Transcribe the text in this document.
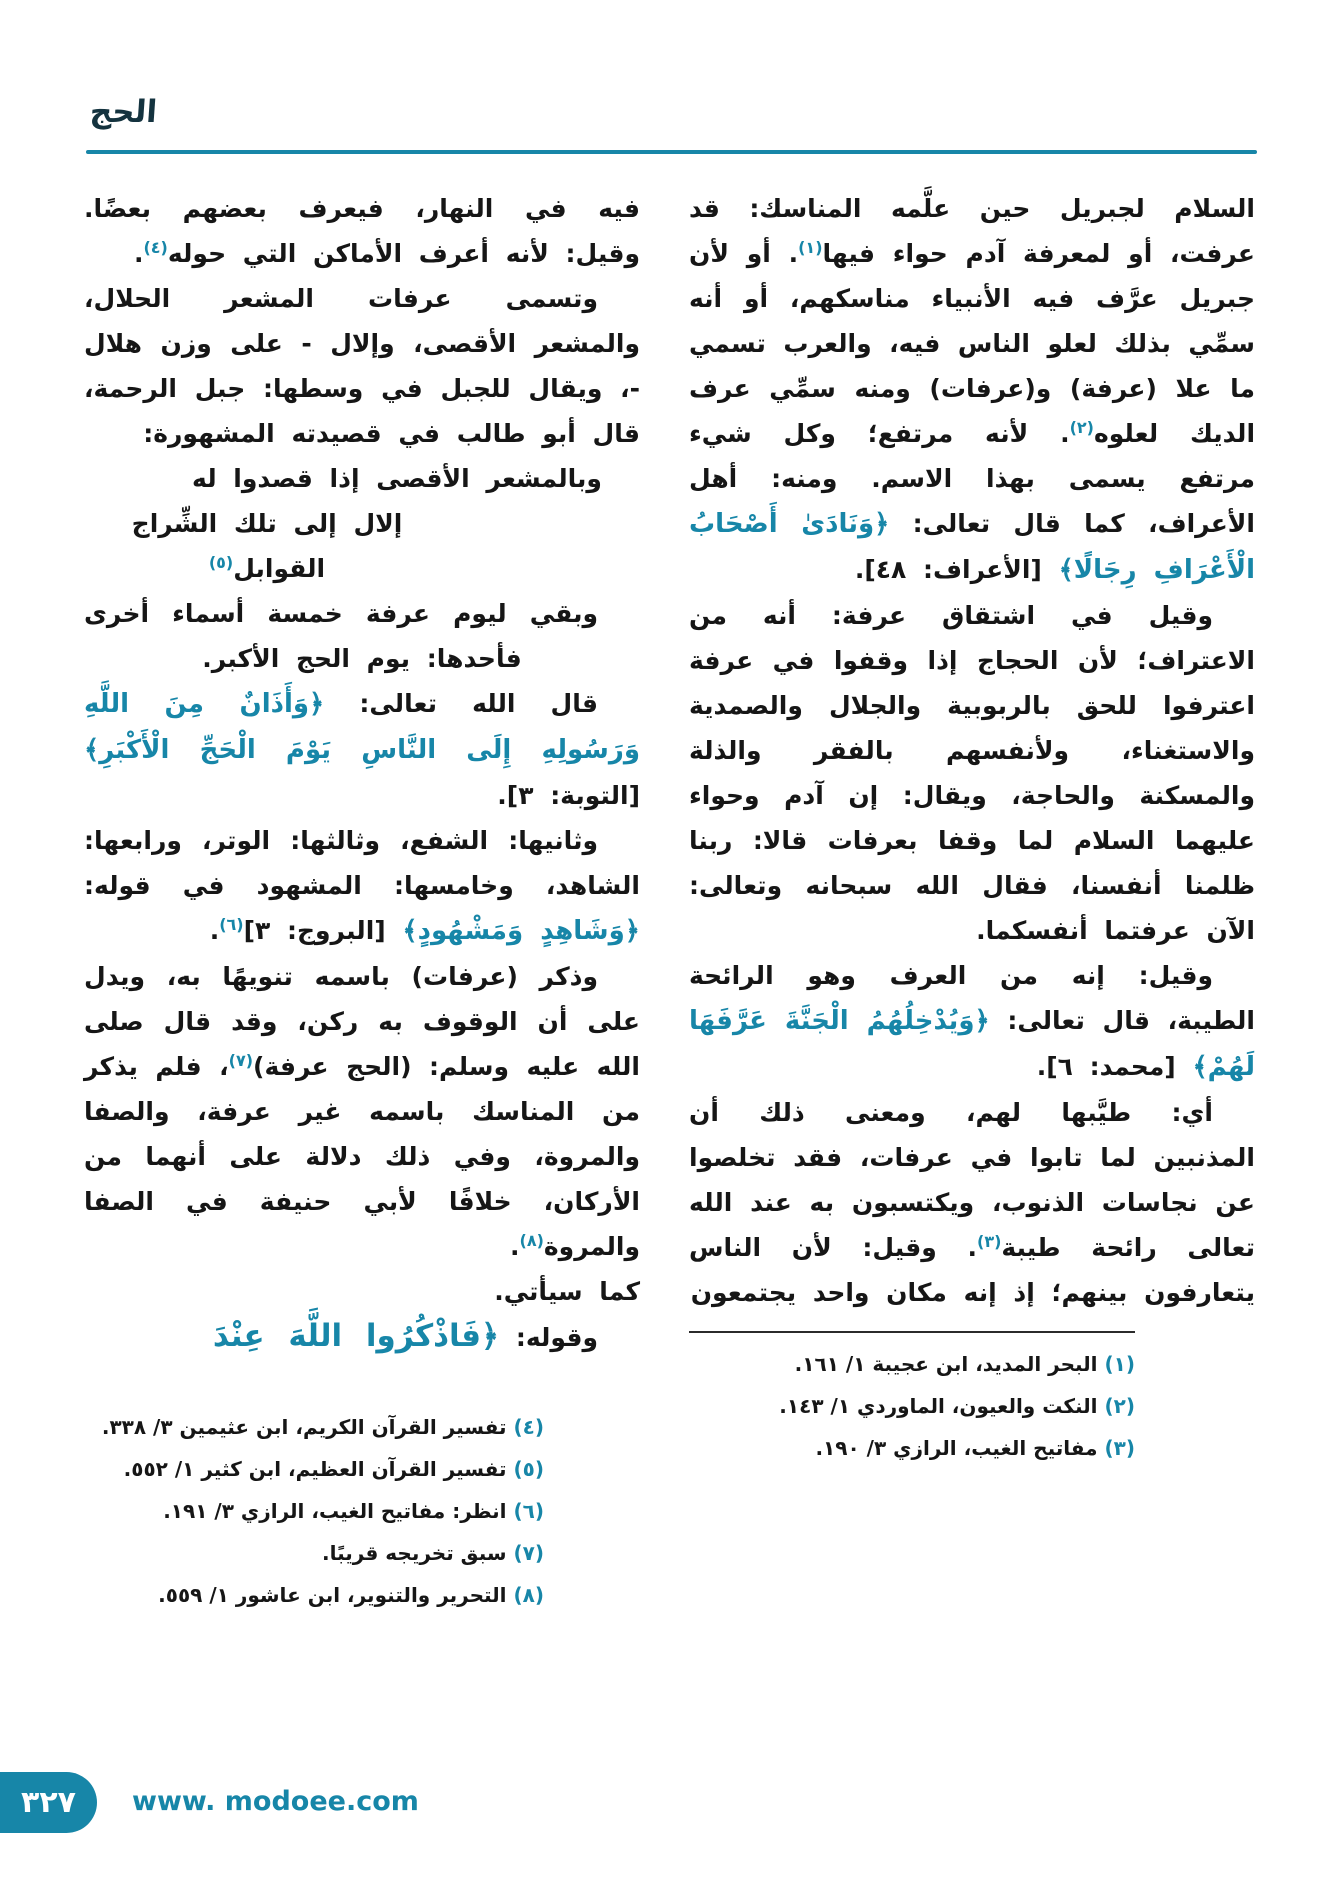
الحج

السلام لجبريل حين علَّمه المناسك: قد عرفت، أو لمعرفة آدم حواء فيها$^{(١)}$. أو لأن جبريل عرَّف فيه الأنبياء مناسكهم، أو أنه سمِّي بذلك لعلو الناس فيه، والعرب تسمي ما علا (عرفة) و(عرفات) ومنه سمِّي عرف الديك لعلوه$^{(٢)}$. لأنه مرتفع؛ وكل شيء مرتفع يسمى بهذا الاسم. ومنه: أهل الأعراف، كما قال تعالى: ﴿وَنَادَىٰ أَصْحَابُ الْأَعْرَافِ رِجَالًا﴾ [الأعراف: ٤٨].

وقيل في اشتقاق عرفة: أنه من الاعتراف؛ لأن الحجاج إذا وقفوا في عرفة اعترفوا للحق بالربوبية والجلال والصمدية والاستغناء، ولأنفسهم بالفقر والذلة والمسكنة والحاجة، ويقال: إن آدم وحواء عليهما السلام لما وقفا بعرفات قالا: ربنا ظلمنا أنفسنا، فقال الله سبحانه وتعالى: الآن عرفتما أنفسكما.

وقيل: إنه من العرف وهو الرائحة الطيبة، قال تعالى: ﴿وَيُدْخِلُهُمُ الْجَنَّةَ عَرَّفَهَا لَهُمْ﴾ [محمد: ٦].

أي: طيَّبها لهم، ومعنى ذلك أن المذنبين لما تابوا في عرفات، فقد تخلصوا عن نجاسات الذنوب، ويكتسبون به عند الله تعالى رائحة طيبة$^{(٣)}$. وقيل: لأن الناس يتعارفون بينهم؛ إذ إنه مكان واحد يجتمعون

(١) البحر المديد، ابن عجيبة ١/ ١٦١.
(٢) النكت والعيون، الماوردي ١/ ١٤٣.
(٣) مفاتيح الغيب، الرازي ٣/ ١٩٠.

فيه في النهار، فيعرف بعضهم بعضًا. وقيل: لأنه أعرف الأماكن التي حوله$^{(٤)}$.

وتسمى عرفات المشعر الحلال، والمشعر الأقصى، وإلال - على وزن هلال -، ويقال للجبل في وسطها: جبل الرحمة، قال أبو طالب في قصيدته المشهورة:

وبالمشعر الأقصى إذا قصدوا له

إلال إلى تلك الشِّراج القوابل$^{(٥)}$

وبقي ليوم عرفة خمسة أسماء أخرى

فأحدها: يوم الحج الأكبر.

قال الله تعالى: ﴿وَأَذَانٌ مِنَ اللَّهِ وَرَسُولِهِ إِلَى النَّاسِ يَوْمَ الْحَجِّ الْأَكْبَرِ﴾ [التوبة: ٣].

وثانيها: الشفع، وثالثها: الوتر، ورابعها: الشاهد، وخامسها: المشهود في قوله: ﴿وَشَاهِدٍ وَمَشْهُودٍ﴾ [البروج: ٣]$^{(٦)}$.

وذكر (عرفات) باسمه تنويهًا به، ويدل على أن الوقوف به ركن، وقد قال صلى الله عليه وسلم: (الحج عرفة)$^{(٧)}$، فلم يذكر من المناسك باسمه غير عرفة، والصفا والمروة، وفي ذلك دلالة على أنهما من الأركان، خلافًا لأبي حنيفة في الصفا والمروة$^{(٨)}$.

كما سيأتي.

وقوله: ﴿فَاذْكُرُوا اللَّهَ عِنْدَ

(٤) تفسير القرآن الكريم، ابن عثيمين ٣/ ٣٣٨.
(٥) تفسير القرآن العظيم، ابن كثير ١/ ٥٥٢.
(٦) انظر: مفاتيح الغيب، الرازي ٣/ ١٩١.
(٧) سبق تخريجه قريبًا.
(٨) التحرير والتنوير، ابن عاشور ١/ ٥٥٩.
٣٢٧ www. modoee.com
